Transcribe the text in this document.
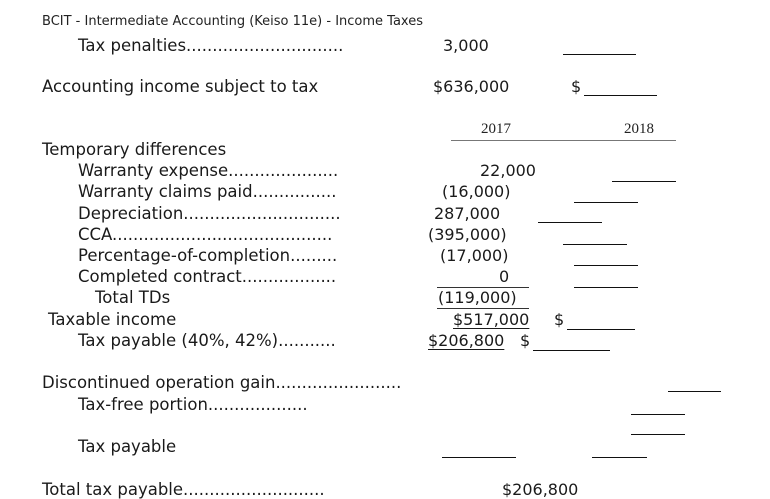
BCIT - Intermediate Accounting (Keiso 11e) - Income Taxes
Tax penalties..............................	3,000
Accounting income subject to tax	$636,000	$
2017	2018
Temporary differences
Warranty expense.....................	22,000
Warranty claims paid................	(16,000)
Depreciation..............................	287,000
CCA..........................................	(395,000)
Percentage-of-completion.........	(17,000)
Completed contract..................	0
Total TDs	(119,000)
Taxable income	$517,000 $
Tax payable (40%, 42%)...........	$206,800 $
Discontinued operation gain........................
Tax-free portion...................
Tax payable
Total tax payable...........................	$206,800
